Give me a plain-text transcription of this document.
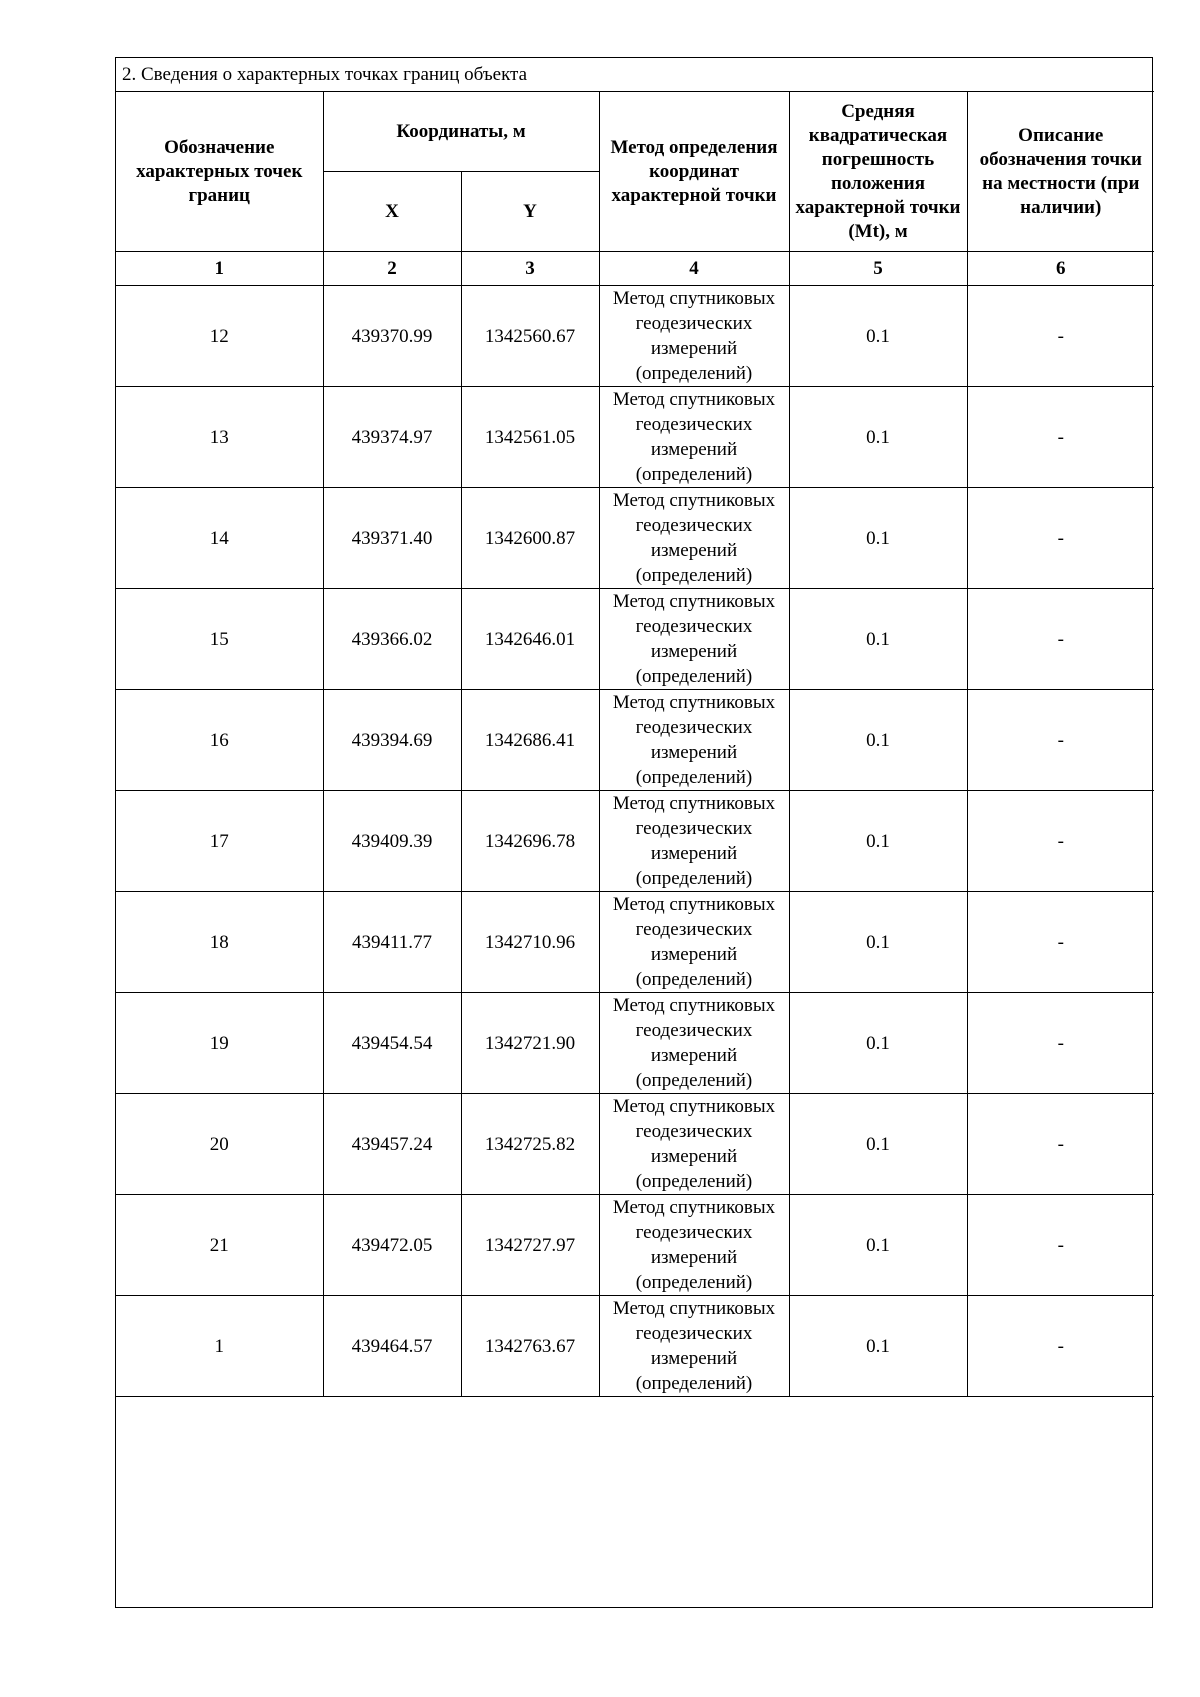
2. Сведения о характерных точках границ объекта					
Обозначение характерных точек границ	Координаты, м		Метод определения координат характерной точки	Средняя квадратическая погрешность положения характерной точки (Mt), м	Описание обозначения точки на местности (при наличии)
	X	Y			
1	2	3	4	5	6
12	439370.99	1342560.67	Метод спутниковых геодезических измерений (определений)	0.1	-
13	439374.97	1342561.05	Метод спутниковых геодезических измерений (определений)	0.1	-
14	439371.40	1342600.87	Метод спутниковых геодезических измерений (определений)	0.1	-
15	439366.02	1342646.01	Метод спутниковых геодезических измерений (определений)	0.1	-
16	439394.69	1342686.41	Метод спутниковых геодезических измерений (определений)	0.1	-
17	439409.39	1342696.78	Метод спутниковых геодезических измерений (определений)	0.1	-
18	439411.77	1342710.96	Метод спутниковых геодезических измерений (определений)	0.1	-
19	439454.54	1342721.90	Метод спутниковых геодезических измерений (определений)	0.1	-
20	439457.24	1342725.82	Метод спутниковых геодезических измерений (определений)	0.1	-
21	439472.05	1342727.97	Метод спутниковых геодезических измерений (определений)	0.1	-
1	439464.57	1342763.67	Метод спутниковых геодезических измерений (определений)	0.1	-
